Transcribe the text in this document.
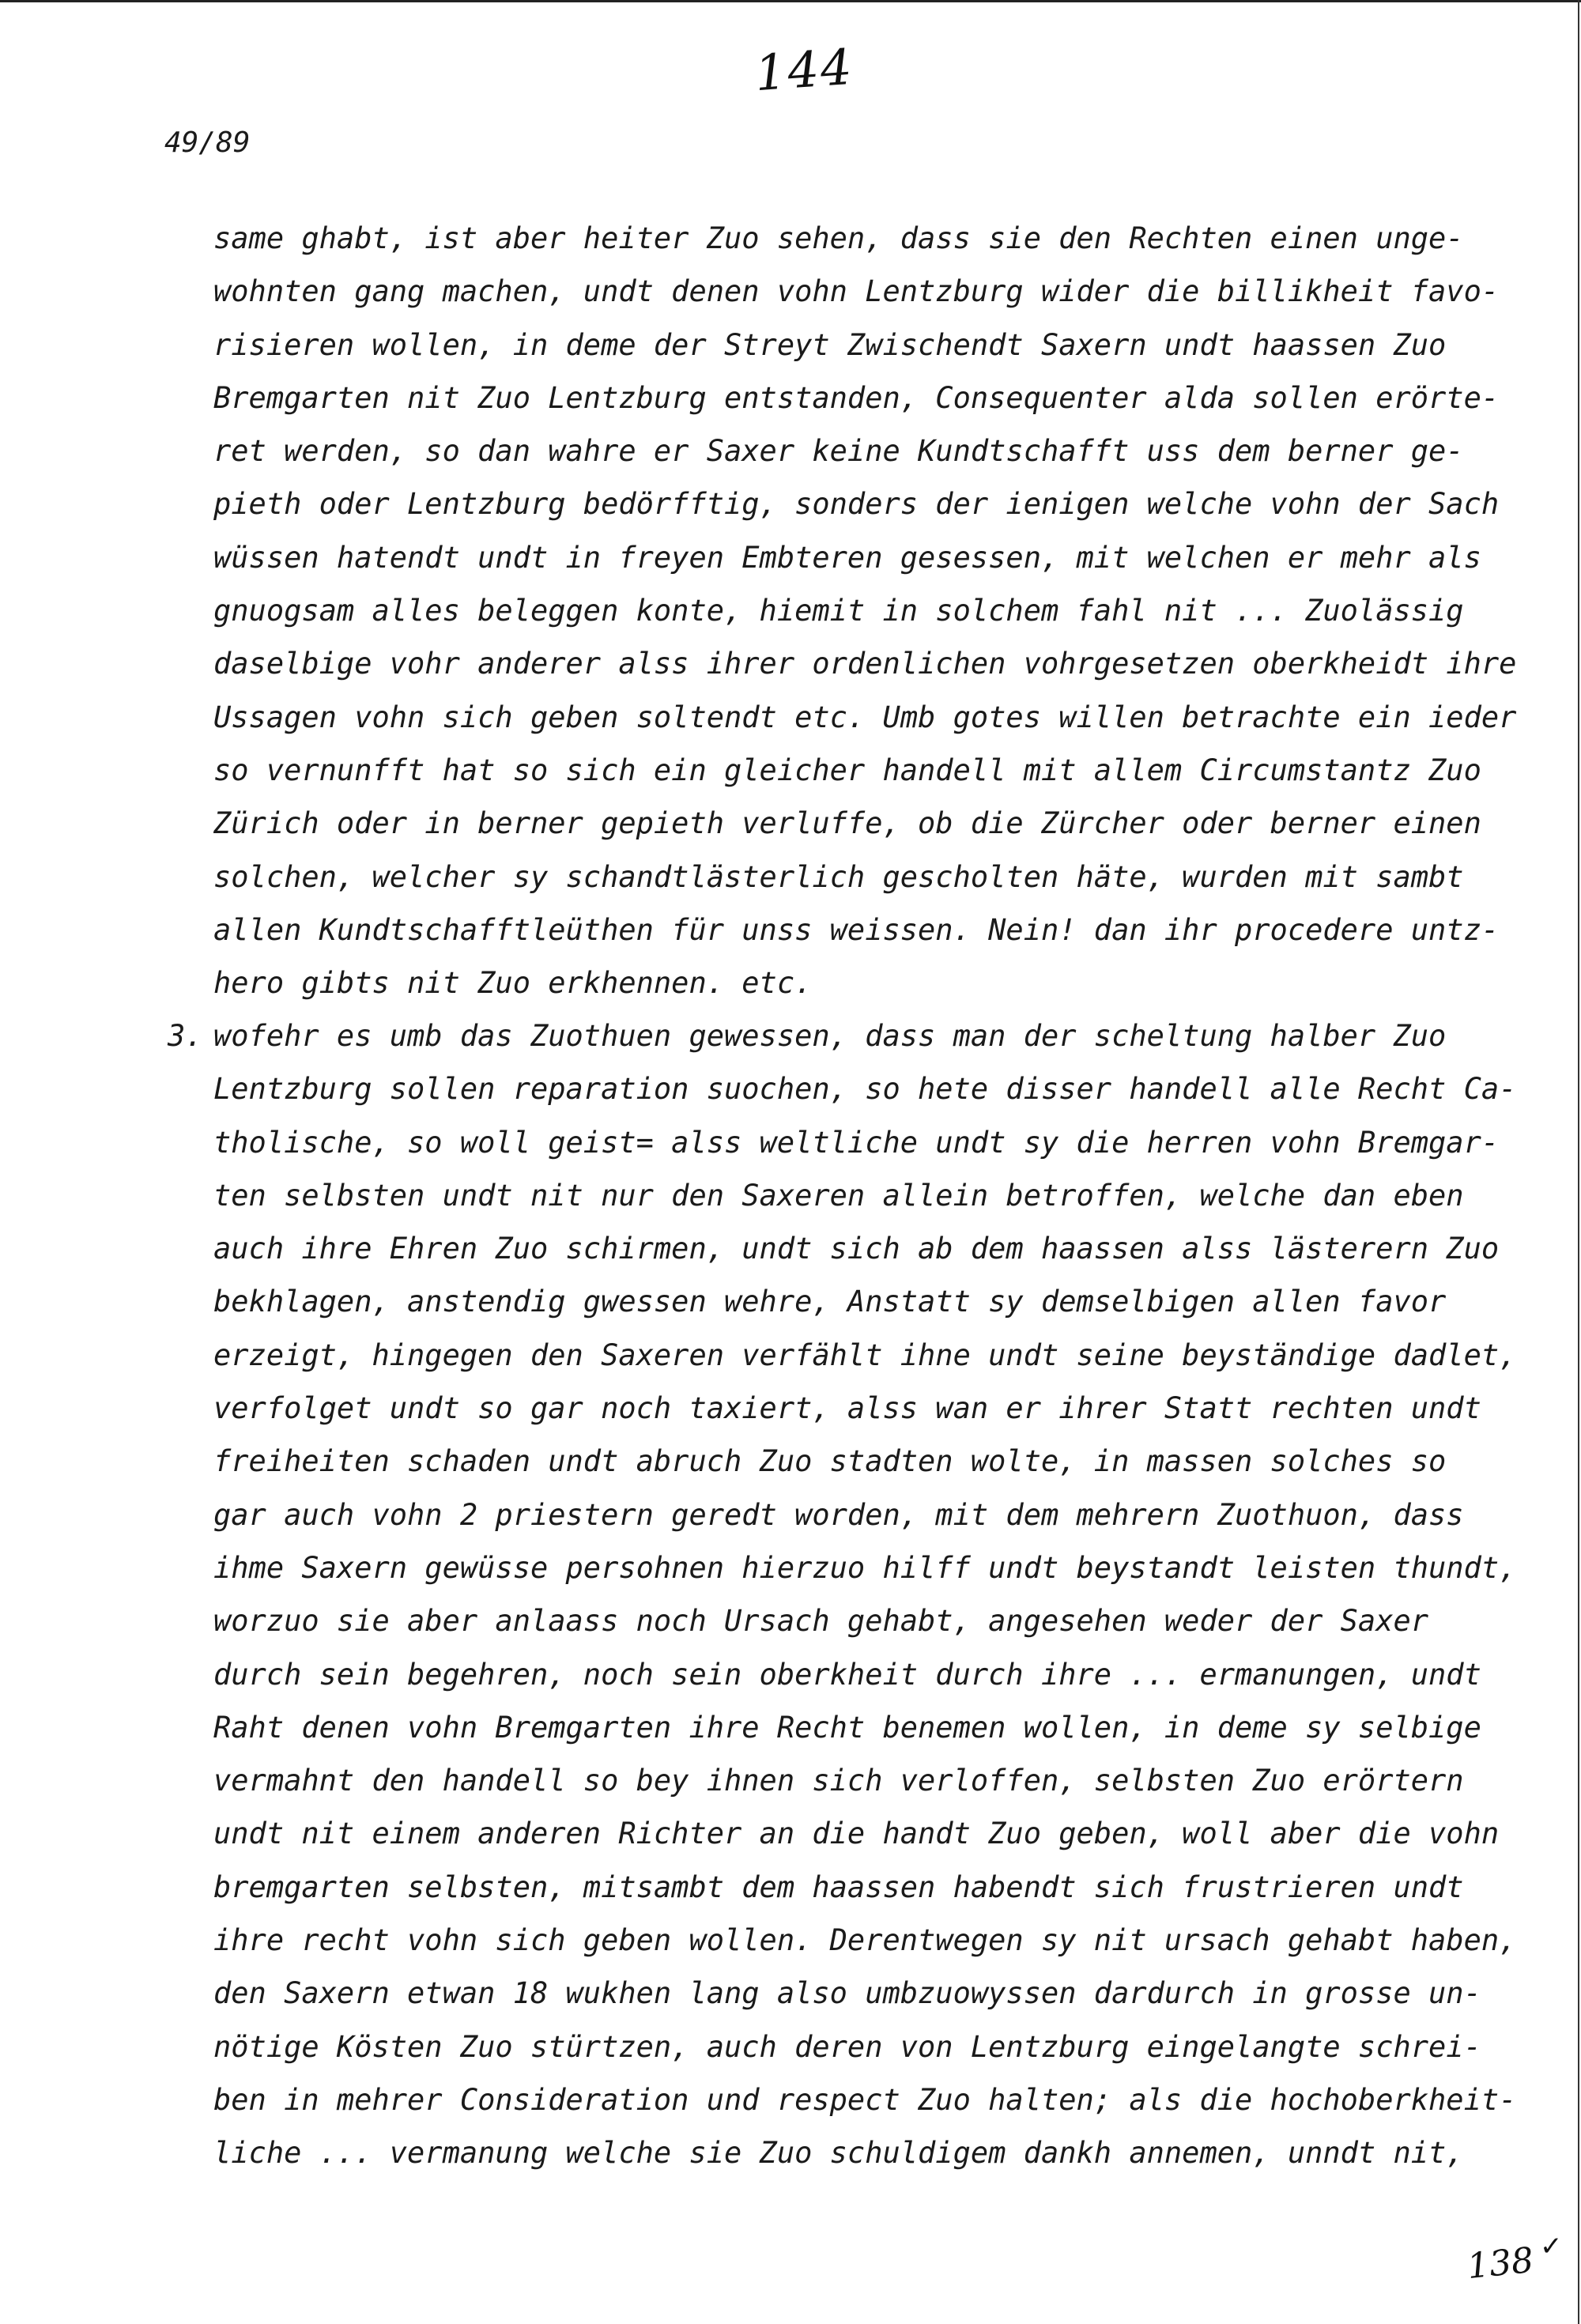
144
49/89
same ghabt, ist aber heiter Zuo sehen, dass sie den Rechten einen unge-
wohnten gang machen, undt denen vohn Lentzburg wider die billikheit favo-
risieren wollen, in deme der Streyt Zwischendt Saxern undt haassen Zuo
Bremgarten nit Zuo Lentzburg entstanden, Consequenter alda sollen erörte-
ret werden, so dan wahre er Saxer keine Kundtschafft uss dem berner ge-
pieth oder Lentzburg bedörfftig, sonders der ienigen welche vohn der Sach
wüssen hatendt undt in freyen Embteren gesessen, mit welchen er mehr als
gnuogsam alles beleggen konte, hiemit in solchem fahl nit ... Zuolässig
daselbige vohr anderer alss ihrer ordenlichen vohrgesetzen oberkheidt ihre
Ussagen vohn sich geben soltendt etc. Umb gotes willen betrachte ein ieder
so vernunfft hat so sich ein gleicher handell mit allem Circumstantz Zuo
Zürich oder in berner gepieth verluffe, ob die Zürcher oder berner einen
solchen, welcher sy schandtlästerlich gescholten häte, wurden mit sambt
allen Kundtschafftleüthen für unss weissen. Nein! dan ihr procedere untz-
hero gibts nit Zuo erkhennen. etc.
3. wofehr es umb das Zuothuen gewessen, dass man der scheltung halber Zuo
Lentzburg sollen reparation suochen, so hete disser handell alle Recht Ca-
tholische, so woll geist= alss weltliche undt sy die herren vohn Bremgar-
ten selbsten undt nit nur den Saxeren allein betroffen, welche dan eben
auch ihre Ehren Zuo schirmen, undt sich ab dem haassen alss lästerern Zuo
bekhlagen, anstendig gwessen wehre, Anstatt sy demselbigen allen favor
erzeigt, hingegen den Saxeren verfählt ihne undt seine beyständige dadlet,
verfolget undt so gar noch taxiert, alss wan er ihrer Statt rechten undt
freiheiten schaden undt abruch Zuo stadten wolte, in massen solches so
gar auch vohn 2 priestern geredt worden, mit dem mehrern Zuothuon, dass
ihme Saxern gewüsse persohnen hierzuo hilff undt beystandt leisten thundt,
worzuo sie aber anlaass noch Ursach gehabt, angesehen weder der Saxer
durch sein begehren, noch sein oberkheit durch ihre ... ermanungen, undt
Raht denen vohn Bremgarten ihre Recht benemen wollen, in deme sy selbige
vermahnt den handell so bey ihnen sich verloffen, selbsten Zuo erörtern
undt nit einem anderen Richter an die handt Zuo geben, woll aber die vohn
bremgarten selbsten, mitsambt dem haassen habendt sich frustrieren undt
ihre recht vohn sich geben wollen. Derentwegen sy nit ursach gehabt haben,
den Saxern etwan 18 wukhen lang also umbzuowyssen dardurch in grosse un-
nötige Kösten Zuo stürtzen, auch deren von Lentzburg eingelangte schrei-
ben in mehrer Consideration und respect Zuo halten; als die hochoberkheit-
liche ... vermanung welche sie Zuo schuldigem dankh annemen, unndt nit,
138 ✓
